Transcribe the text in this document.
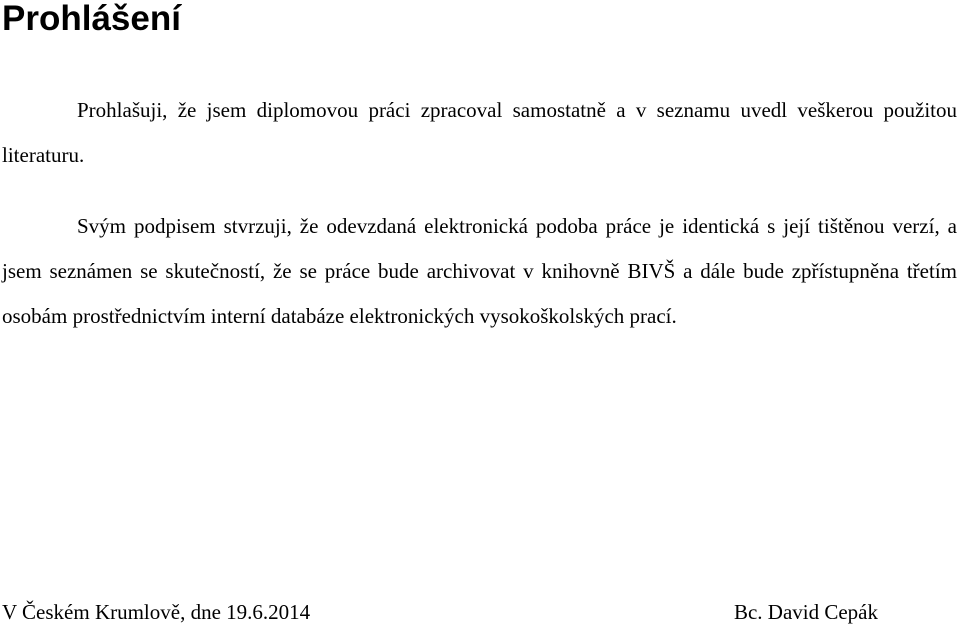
Prohlášení

Prohlašuji, že jsem diplomovou práci zpracoval samostatně a v seznamu uvedl veškerou použitou literaturu.

Svým podpisem stvrzuji, že odevzdaná elektronická podoba práce je identická s její tištěnou verzí, a jsem seznámen se skutečností, že se práce bude archivovat v knihovně BIVŠ a dále bude zpřístupněna třetím osobám prostřednictvím interní databáze elektronických vysokoškolských prací.

V Českém Krumlově, dne 19.6.2014	Bc. David Cepák
